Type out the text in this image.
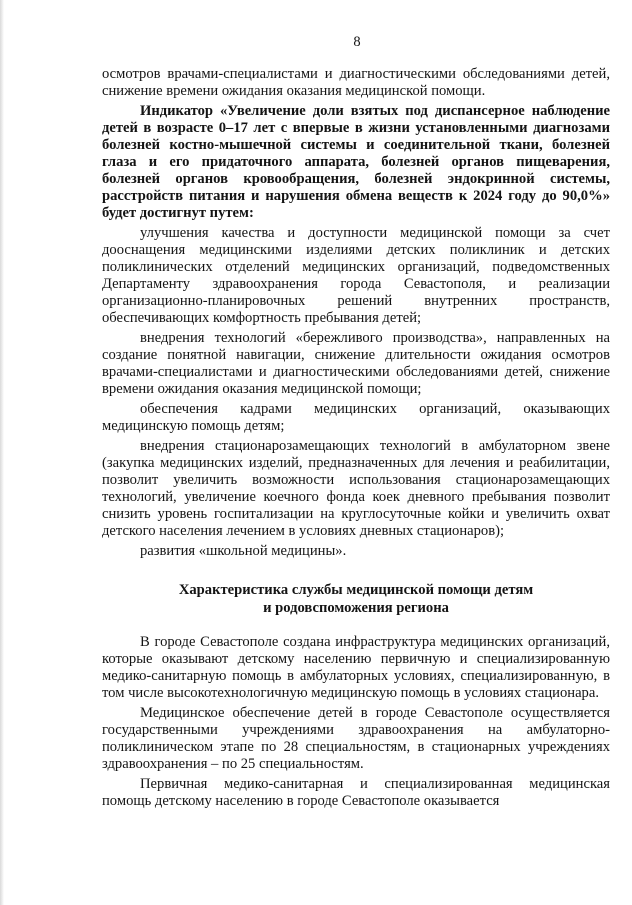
8

осмотров врачами-специалистами и диагностическими обследованиями детей, снижение времени ожидания оказания медицинской помощи.

Индикатор «Увеличение доли взятых под диспансерное наблюдение детей в возрасте 0–17 лет с впервые в жизни установленными диагнозами болезней костно-мышечной системы и соединительной ткани, болезней глаза и его придаточного аппарата, болезней органов пищеварения, болезней органов кровообращения, болезней эндокринной системы, расстройств питания и нарушения обмена веществ к 2024 году до 90,0%» будет достигнут путем:

улучшения качества и доступности медицинской помощи за счет дооснащения медицинскими изделиями детских поликлиник и детских поликлинических отделений медицинских организаций, подведомственных Департаменту здравоохранения города Севастополя, и реализации организационно-планировочных решений внутренних пространств, обеспечивающих комфортность пребывания детей;

внедрения технологий «бережливого производства», направленных на создание понятной навигации, снижение длительности ожидания осмотров врачами-специалистами и диагностическими обследованиями детей, снижение времени ожидания оказания медицинской помощи;

обеспечения кадрами медицинских организаций, оказывающих медицинскую помощь детям;

внедрения стационарозамещающих технологий в амбулаторном звене (закупка медицинских изделий, предназначенных для лечения и реабилитации, позволит увеличить возможности использования стационарозамещающих технологий, увеличение коечного фонда коек дневного пребывания позволит снизить уровень госпитализации на круглосуточные койки и увеличить охват детского населения лечением в условиях дневных стационаров);

развития «школьной медицины».

Характеристика службы медицинской помощи детям
и родовспоможения региона

В городе Севастополе создана инфраструктура медицинских организаций, которые оказывают детскому населению первичную и специализированную медико-санитарную помощь в амбулаторных условиях, специализированную, в том числе высокотехнологичную медицинскую помощь в условиях стационара.

Медицинское обеспечение детей в городе Севастополе осуществляется государственными учреждениями здравоохранения на амбулаторно-поликлиническом этапе по 28 специальностям, в стационарных учреждениях здравоохранения – по 25 специальностям.

Первичная медико-санитарная и специализированная медицинская помощь детскому населению в городе Севастополе оказывается
